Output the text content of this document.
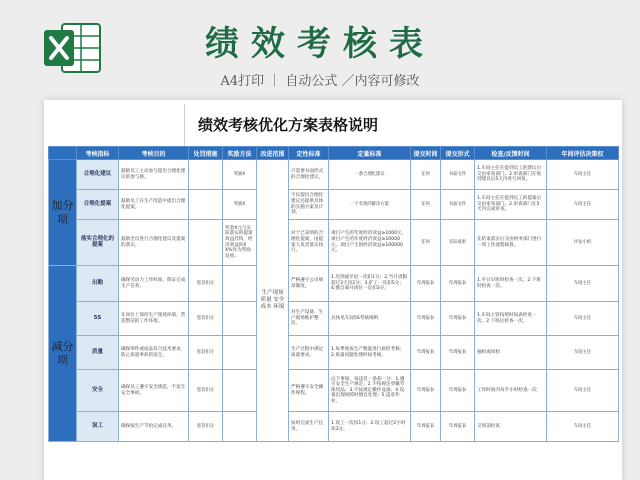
绩效考核表
A4打印 ｜ 自动公式 ／内容可修改
绩效考核优化方案表格说明
	考核指标	考核目的	处罚措施	奖励方法	改进范围	定性标准	定量标准	提交时间	提交形式	检查/反馈时间	年间评估决策权
加分项	合理化建议	鼓励员工主动参与提出合理化建议的参与感。		奖励X	生产现场 质量 安全 成本 环境	只需要书面形式的合理化建议。	一条合理化建议	任何	书面文件	1.车间主任在提到员工的建议后交由审查部门。2.审查部门在收到建议后5天内进行回复。	车间主任
	合理化提案	鼓励员工在生产改造中提出合理化提案。		奖励X		不仅提出合理化建议还提供具体的实施方案及计划。	一个有效的解决方案	任何	书面文件	1.车间主任在提到员工的提案后交由审查部门。2.审查部门在5天内完成审查。	车间主任
	落实合理化的提案	鼓励全员进行合理化建议及提案的落实。		奖金X元与实际落实的提案效益挂钩，经济效益的XX%作为奖励发放。		对于已采纳的合理化提案，由提案人负责落实执行。	项目产生的年度经济效益≥1000元。项目产生的年度经济效益≥10000元。项目产生的经济效益≥100000元。	任何	实际成果	在结束落实后交由财务部门进行一周工作流程核算。	评估小组
减分项	出勤	确保劳动力工作时间，保证完成生产任务。	惩罚扣分			严格遵守公司规章制度。	1.迟到或早退一次扣1分；2.当月请假超过2天扣2分；3.旷工一次扣5分；4.擅自离开岗位一次扣3分。	年周报表	年周报表	1.平日早班时检查一次。2.下班时检查一次。	车间主任
	5S	在岗位上保持生产现场环境，营造整洁的工作环境。	惩罚扣分			对生产设备、生产现场维护整洁。	具体见车间5S考核细则	年周报表	年周报表	1.车间主管按照时间表检查一次。2.下班后检查一次。	车间主任
	质量	确保零件或成品符合技术要求，防止质量事故的发生。	惩罚扣分			生产过程中满足质量要求。	1.每季度按生产数量进行质检考核；2.质量问题处理时间考核。	年周报表	年周报表	抽检或同检	车间主任
	安全	确保员工遵守安全规范，不发生安全事故。	惩罚扣分			严格遵守安全操作规程。	以下事项，每违反一条扣一分：1.遵守安全生产规定；2.不按规定穿戴劳保用品；3.不按规定操作设备；4.设备出现故障时擅自处理；5.违章作业。	年周报表	年周报表	工作时间内每半小时检查一次	车间主任
	误工	确保按生产节拍完成任务。	惩罚扣分			按时完成生产任务。	1.误工一次扣1分；2.误工超过2小时扣3分。	年周报表	年周报表	交班前检查	车间主任
